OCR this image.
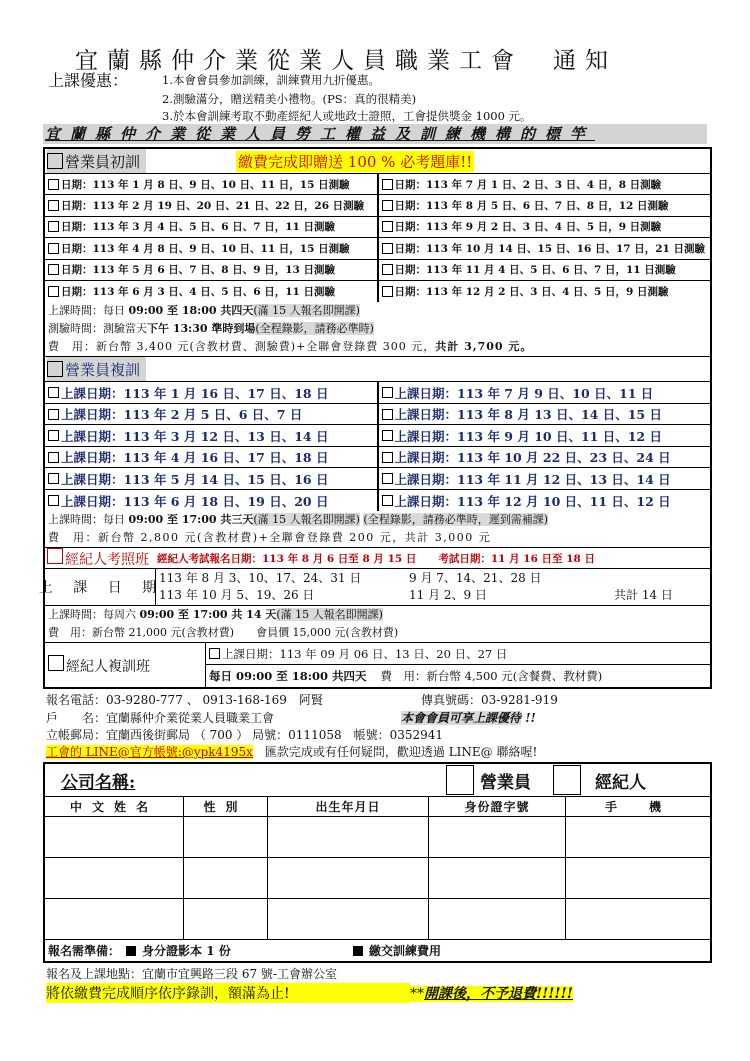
宜蘭縣仲介業從業人員職業工會 通知
上課優惠：	1.本會會員參加訓練，訓練費用九折優惠。
2.測驗滿分，贈送精美小禮物。(PS：真的很精美)
3.於本會訓練考取不動產經紀人或地政士證照，工會提供獎金 1000 元。
宜蘭縣仲介業從業人員勞工權益及訓練機構的標竿
營業員初訓	繳費完成即贈送 100 % 必考題庫!!
日期：113 年 1 月 8 日、9 日、10 日、11 日，15 日測驗	日期：113 年 7 月 1 日、2 日、3 日、4 日，8 日測驗
日期：113 年 2 月 19 日、20 日、21 日、22 日，26 日測驗	日期：113 年 8 月 5 日、6 日、7 日、8 日，12 日測驗
日期：113 年 3 月 4 日、5 日、6 日、7 日，11 日測驗	日期：113 年 9 月 2 日、3 日、4 日、5 日，9 日測驗
日期：113 年 4 月 8 日、9 日、10 日、11 日，15 日測驗	日期：113 年 10 月 14 日、15 日、16 日、17 日，21 日測驗
日期：113 年 5 月 6 日、7 日、8 日、9 日，13 日測驗	日期：113 年 11 月 4 日、5 日、6 日、7 日，11 日測驗
日期：113 年 6 月 3 日、4 日、5 日、6 日，11 日測驗	日期：113 年 12 月 2 日、3 日、4 日、5 日，9 日測驗
上課時間：每日 09:00 至 18:00 共四天(滿 15 人報名即開課)
測驗時間：測驗當天下午 13:30 準時到場(全程錄影，請務必準時)
費　用：新台幣 3,400 元(含教材費、測驗費)+全聯會登錄費 300 元，共計 3,700 元。
營業員複訓
上課日期：113 年 1 月 16 日、17 日、18 日	上課日期：113 年 7 月 9 日、10 日、11 日
上課日期：113 年 2 月 5 日、6 日、7 日	上課日期：113 年 8 月 13 日、14 日、15 日
上課日期：113 年 3 月 12 日、13 日、14 日	上課日期：113 年 9 月 10 日、11 日、12 日
上課日期：113 年 4 月 16 日、17 日、18 日	上課日期：113 年 10 月 22 日、23 日、24 日
上課日期：113 年 5 月 14 日、15 日、16 日	上課日期：113 年 11 月 12 日、13 日、14 日
上課日期：113 年 6 月 18 日、19 日、20 日	上課日期：113 年 12 月 10 日、11 日、12 日
上課時間：每日 09:00 至 17:00 共三天(滿 15 人報名即開課) (全程錄影，請務必準時，遲到需補課)
費　用：新台幣 2,800 元(含教材費)+全聯會登錄費 200 元，共計 3,000 元
經紀人考照班 經紀人考試報名日期：113 年 8 月 6 日至 8 月 15 日 考試日期：11 月 16 日至 18 日
上 課 日 期
113 年 8 月 3、10、17、24、31 日	9 月 7、14、21、28 日
113 年 10 月 5、19、26 日	11 月 2、9 日	共計 14 日
上課時間：每周六 09:00 至 17:00 共 14 天(滿 15 人報名即開課)
費　用：新台幣 21,000 元(含教材費)　　會員價 15,000 元(含教材費)
經紀人複訓班
上課日期：113 年 09 月 06 日、13 日、20 日、27 日
每日 09:00 至 18:00 共四天 費　用：新台幣 4,500 元(含餐費、教材費)
報名電話：03-9280-777 、 0913-168-169　阿賢	傳真號碼：03-9281-919
戶　　名：宜蘭縣仲介業從業人員職業工會	本會會員可享上課優待 !!
立帳郵局：宜蘭西後街郵局 （ 700 ） 局號：0111058　帳號：0352941
工會的 LINE@官方帳號:@ypk4195x 匯款完成或有任何疑問，歡迎透過 LINE@ 聯絡喔!
公司名稱:	營業員	經紀人
中文姓名	性別	出生年月日	身份證字號	手　機
報名需準備： 身分證影本 1 份	繳交訓練費用
報名及上課地點：宜蘭市宜興路三段 67 號-工會辦公室
將依繳費完成順序依序錄訓，額滿為止!	**開課後，不予退費!!!!!!
